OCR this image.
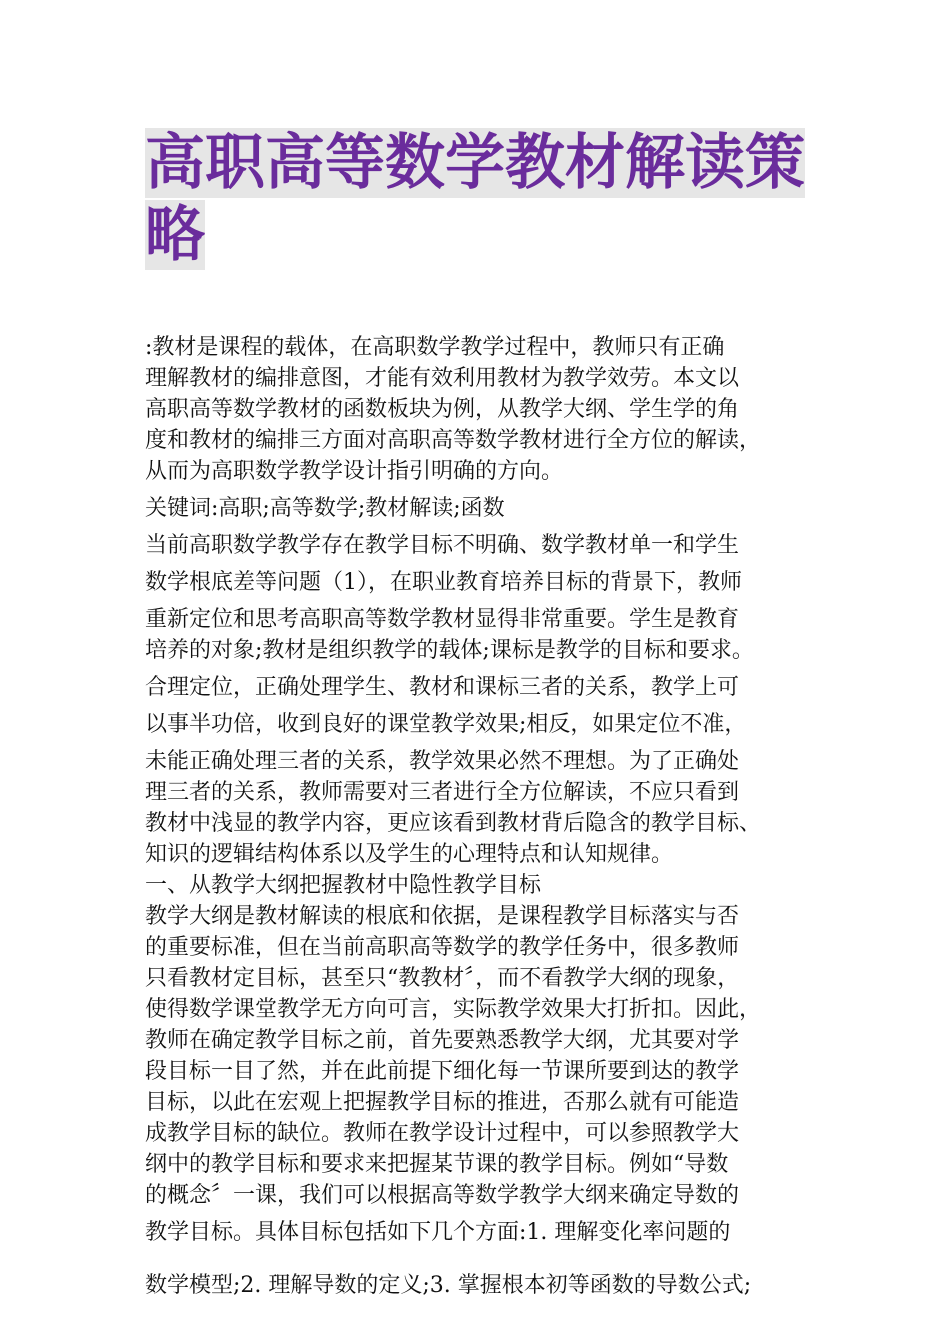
高职高等数学教材解读策
略
:教材是课程的载体，在高职数学教学过程中，教师只有正确
理解教材的编排意图，才能有效利用教材为教学效劳。本文以
高职高等数学教材的函数板块为例，从教学大纲、学生学的角
度和教材的编排三方面对高职高等数学教材进行全方位的解读，
从而为高职数学教学设计指引明确的方向。
关键词:高职;高等数学;教材解读;函数
当前高职数学教学存在教学目标不明确、数学教材单一和学生
数学根底差等问题（1），在职业教育培养目标的背景下，教师
重新定位和思考高职高等数学教材显得非常重要。学生是教育
培养的对象;教材是组织教学的载体;课标是教学的目标和要求。
合理定位，正确处理学生、教材和课标三者的关系，教学上可
以事半功倍，收到良好的课堂教学效果;相反，如果定位不准，
未能正确处理三者的关系，教学效果必然不理想。为了正确处
理三者的关系，教师需要对三者进行全方位解读，不应只看到
教材中浅显的教学内容，更应该看到教材背后隐含的教学目标、
知识的逻辑结构体系以及学生的心理特点和认知规律。
一、从教学大纲把握教材中隐性教学目标
教学大纲是教材解读的根底和依据，是课程教学目标落实与否
的重要标准，但在当前高职高等数学的教学任务中，很多教师
只看教材定目标，甚至只“教教材〞，而不看教学大纲的现象，
使得数学课堂教学无方向可言，实际教学效果大打折扣。因此，
教师在确定教学目标之前，首先要熟悉教学大纲，尤其要对学
段目标一目了然，并在此前提下细化每一节课所要到达的教学
目标，以此在宏观上把握教学目标的推进，否那么就有可能造
成教学目标的缺位。教师在教学设计过程中，可以参照教学大
纲中的教学目标和要求来把握某节课的教学目标。例如“导数
的概念〞一课，我们可以根据高等数学教学大纲来确定导数的
教学目标。具体目标包括如下几个方面:1. 理解变化率问题的
数学模型;2. 理解导数的定义;3. 掌握根本初等函数的导数公式;
